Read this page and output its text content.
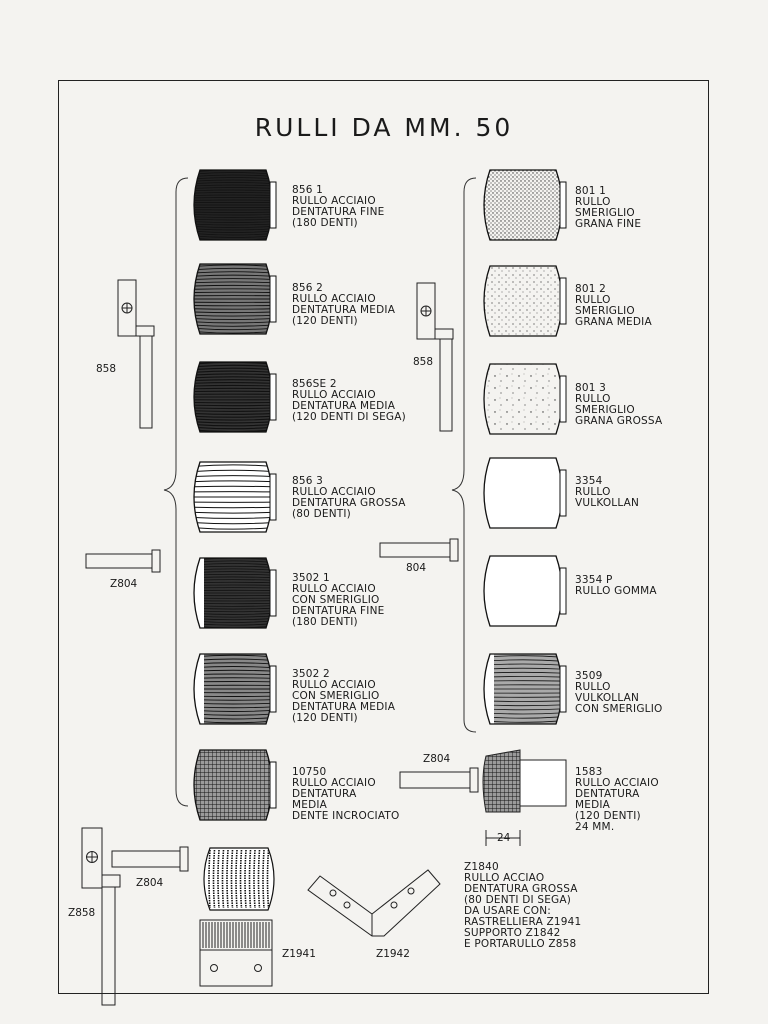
RULLI DA MM. 50
856 1
RULLO ACCIAIO
DENTATURA FINE
(180 DENTI)
856 2
RULLO ACCIAIO
DENTATURA MEDIA
(120 DENTI)
856SE 2
RULLO ACCIAIO
DENTATURA MEDIA
(120 DENTI DI SEGA)
856 3
RULLO ACCIAIO
DENTATURA GROSSA
(80 DENTI)
3502 1
RULLO ACCIAIO
CON SMERIGLIO
DENTATURA FINE
(180 DENTI)
3502 2
RULLO ACCIAIO
CON SMERIGLIO
DENTATURA MEDIA
(120 DENTI)
10750
RULLO ACCIAIO
DENTATURA
MEDIA
DENTE INCROCIATO
801 1
RULLO
SMERIGLIO
GRANA FINE
801 2
RULLO
SMERIGLIO
GRANA MEDIA
801 3
RULLO
SMERIGLIO
GRANA GROSSA
3354
RULLO
VULKOLLAN
3354 P
RULLO GOMMA
3509
RULLO
VULKOLLAN
CON SMERIGLIO
1583
RULLO ACCIAIO
DENTATURA
MEDIA
(120 DENTI)
24 MM.
Z1840
RULLO ACCIAO
DENTATURA GROSSA
(80 DENTI DI SEGA)
DA USARE CON:
RASTRELLIERA Z1941
SUPPORTO Z1842
E PORTARULLO Z858
858
858
Z804
804
Z804
24
Z804
Z858
Z1941	Z1942
